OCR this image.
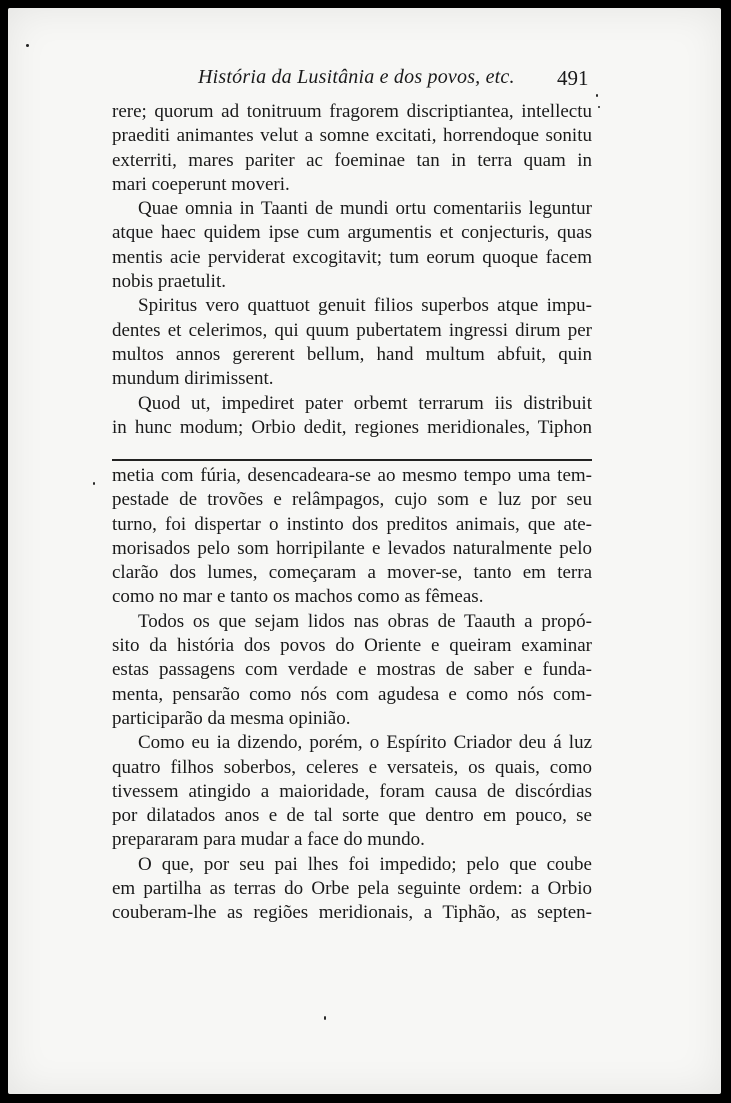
História da Lusitânia e dos povos, etc. 491

rere; quorum ad tonitruum fragorem discriptiantea, intellectu
praediti animantes velut a somne excitati, horrendoque sonitu
exterriti, mares pariter ac foeminae tan in terra quam in
mari coeperunt moveri.

Quae omnia in Taanti de mundi ortu comentariis leguntur
atque haec quidem ipse cum argumentis et conjecturis, quas
mentis acie perviderat excogitavit; tum eorum quoque facem
nobis praetulit.

Spiritus vero quattuot genuit filios superbos atque impu-
dentes et celerimos, qui quum pubertatem ingressi dirum per
multos annos gererent bellum, hand multum abfuit, quin
mundum dirimissent.

Quod ut, impediret pater orbemt terrarum iis distribuit
in hunc modum; Orbio dedit, regiones meridionales, Tiphon

metia com fúria, desencadeara-se ao mesmo tempo uma tem-
pestade de trovões e relâmpagos, cujo som e luz por seu
turno, foi dispertar o instinto dos preditos animais, que ate-
morisados pelo som horripilante e levados naturalmente pelo
clarão dos lumes, começaram a mover-se, tanto em terra
como no mar e tanto os machos como as fêmeas.

Todos os que sejam lidos nas obras de Taauth a propó-
sito da história dos povos do Oriente e queiram examinar
estas passagens com verdade e mostras de saber e funda-
menta, pensarão como nós com agudesa e como nós com-
participarão da mesma opinião.

Como eu ia dizendo, porém, o Espírito Criador deu á luz
quatro filhos soberbos, celeres e versateis, os quais, como
tivessem atingido a maioridade, foram causa de discórdias
por dilatados anos e de tal sorte que dentro em pouco, se
prepararam para mudar a face do mundo.

O que, por seu pai lhes foi impedido; pelo que coube
em partilha as terras do Orbe pela seguinte ordem: a Orbio
couberam-lhe as regiões meridionais, a Tiphão, as septen-
